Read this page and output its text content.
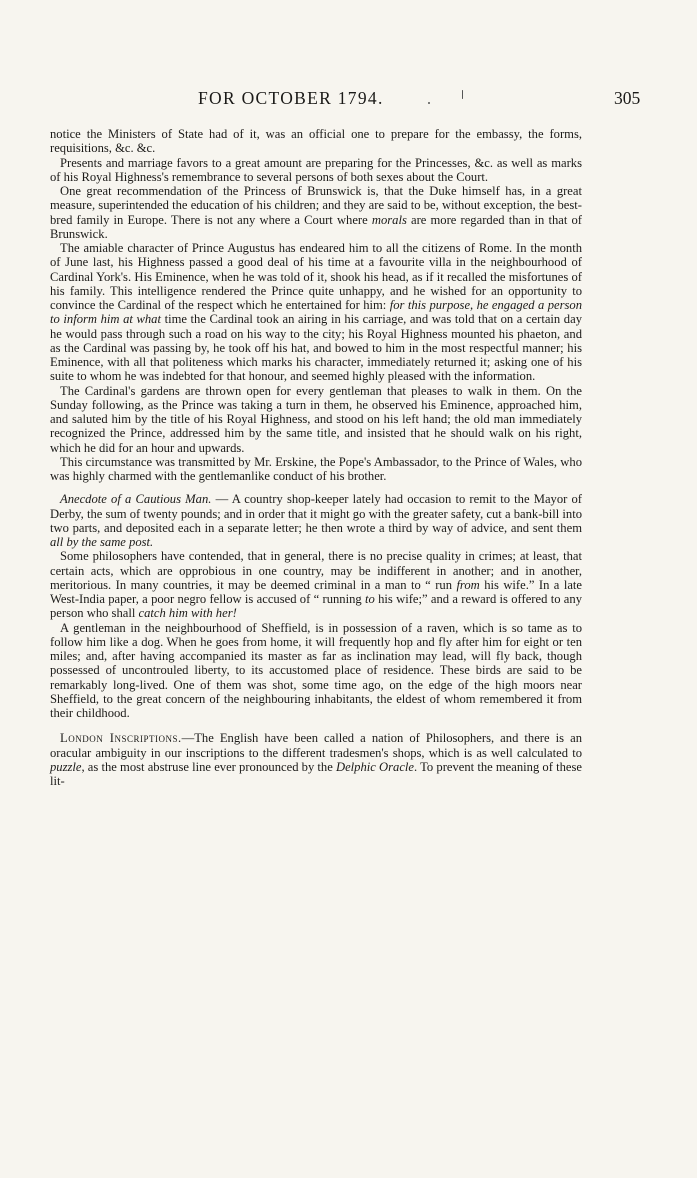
FOR OCTOBER 1794.	305

notice the Ministers of State had of it, was an official one to prepare for the embassy, the forms, requisitions, &c. &c.

Presents and marriage favors to a great amount are preparing for the Princesses, &c. as well as marks of his Royal Highness's remembrance to several persons of both sexes about the Court.

One great recommendation of the Princess of Brunswick is, that the Duke himself has, in a great measure, superintended the education of his children; and they are said to be, without exception, the best-bred family in Europe. There is not any where a Court where morals are more regarded than in that of Brunswick.

The amiable character of Prince Augustus has endeared him to all the citizens of Rome. In the month of June last, his Highness passed a good deal of his time at a favourite villa in the neighbourhood of Cardinal York's. His Eminence, when he was told of it, shook his head, as if it recalled the misfortunes of his family. This intelligence rendered the Prince quite unhappy, and he wished for an opportunity to convince the Cardinal of the respect which he entertained for him: for this purpose, he engaged a person to inform him at what time the Cardinal took an airing in his carriage, and was told that on a certain day he would pass through such a road on his way to the city; his Royal Highness mounted his phaeton, and as the Cardinal was passing by, he took off his hat, and bowed to him in the most respectful manner; his Eminence, with all that politeness which marks his character, immediately returned it; asking one of his suite to whom he was indebted for that honour, and seemed highly pleased with the information.

The Cardinal's gardens are thrown open for every gentleman that pleases to walk in them. On the Sunday following, as the Prince was taking a turn in them, he observed his Eminence, approached him, and saluted him by the title of his Royal Highness, and stood on his left hand; the old man immediately recognized the Prince, addressed him by the same title, and insisted that he should walk on his right, which he did for an hour and upwards.

This circumstance was transmitted by Mr. Erskine, the Pope's Ambassador, to the Prince of Wales, who was highly charmed with the gentlemanlike conduct of his brother.

Anecdote of a Cautious Man. — A country shop-keeper lately had occasion to remit to the Mayor of Derby, the sum of twenty pounds; and in order that it might go with the greater safety, cut a bank-bill into two parts, and deposited each in a separate letter; he then wrote a third by way of advice, and sent them all by the same post.

Some philosophers have contended, that in general, there is no precise quality in crimes; at least, that certain acts, which are opprobious in one country, may be indifferent in another; and in another, meritorious. In many countries, it may be deemed criminal in a man to “ run from his wife.” In a late West-India paper, a poor negro fellow is accused of “ running to his wife;” and a reward is offered to any person who shall catch him with her!

A gentleman in the neighbourhood of Sheffield, is in possession of a raven, which is so tame as to follow him like a dog. When he goes from home, it will frequently hop and fly after him for eight or ten miles; and, after having accompanied its master as far as inclination may lead, will fly back, though possessed of uncontrouled liberty, to its accustomed place of residence. These birds are said to be remarkably long-lived. One of them was shot, some time ago, on the edge of the high moors near Sheffield, to the great concern of the neighbouring inhabitants, the eldest of whom remembered it from their childhood.

London Inscriptions.—The English have been called a nation of Philosophers, and there is an oracular ambiguity in our inscriptions to the different tradesmen's shops, which is as well calculated to puzzle, as the most abstruse line ever pronounced by the Delphic Oracle. To prevent the meaning of these lit-
